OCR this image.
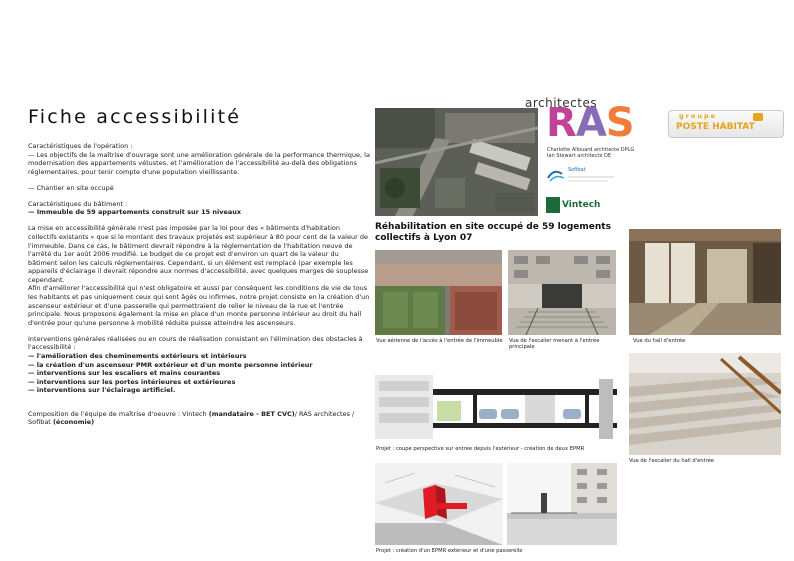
Fiche accessibilité

Caractéristiques de l'opération :

— Les objectifs de la maîtrise d'ouvrage sont une amélioration générale de la performance thermique, la modernisation des appartements vétustes, et l'amélioration de l'accessibilité au-delà des obligations réglementaires, pour tenir compte d'une population vieillissante.

— Chantier en site occupé

Caractéristiques du bâtiment :

— Immeuble de 59 appartements construit sur 15 niveaux

La mise en accessibilité générale n'est pas imposée par la loi pour des « bâtiments d'habitation collectifs existants » que si le montant des travaux projetés est supérieur à 80 pour cent de la valeur de l'immeuble. Dans ce cas, le bâtiment devrait répondre à la réglementation de l'habitation neuve de l'arrêté du 1er août 2006 modifié. Le budget de ce projet est d'environ un quart de la valeur du bâtiment selon les calculs réglementaires. Cependant, si un élément est remplacé (par exemple les appareils d'éclairage il devrait répondre aux normes d'accessibilité, avec quelques marges de souplesse cependant.

Afin d'améliorer l'accessibilité qui n'est obligatoire et aussi par conséquent les conditions de vie de tous les habitants et pas uniquement ceux qui sont âgés ou infirmes, notre projet consiste en la création d'un ascenseur extérieur et d'une passerelle qui permettraient de relier le niveau de la rue et l'entrée principale. Nous proposons également la mise en place d'un monte personne intérieur au droit du hall d'entrée pour qu'une personne à mobilité réduite puisse atteindre les ascenseurs.

Interventions générales réalisées ou en cours de réalisation consistant en l'élimination des obstacles à l'accessibilité :

— l'amélioration des cheminements extérieurs et intérieurs

— la création d'un ascenseur PMR extérieur et d'un monte personne intérieur

— interventions sur les escaliers et mains courantes

— interventions sur les portes intérieures et extérieures

— interventions sur l'éclairage artificiel.

Composition de l'équipe de maîtrise d'oeuvre : Vintech (mandataire - BET CVC)/ RAS architectes / Sofibat (économie)

architectes
RAS
Charlotte Allouard architecte DPLG
Ian Stewart architecte DE
Sofibat
Vintech
groupe
POSTE HABITAT
Réhabilitation en site occupé de 59 logements collectifs à Lyon 07
Vue aérienne de l'accès à l'entrée de l'immeuble Vue de l'escalier menant à l'entrée principale
Vue du hall d'entrée
Projet : coupe perspective sur entrée depuis l'extérieur - création de deux EPMR
Vue de l'escalier du hall d'entrée
Projet : création d'un EPMR extérieur et d'une passerelle
